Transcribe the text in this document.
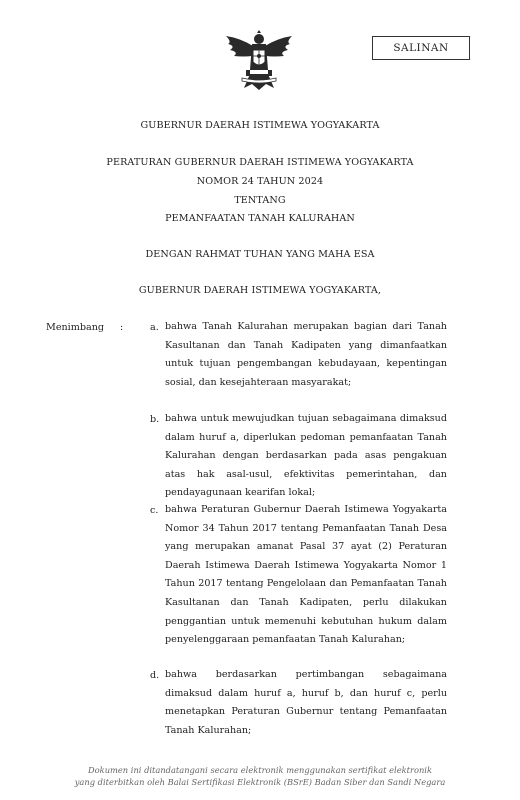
SALINAN
GUBERNUR DAERAH ISTIMEWA YOGYAKARTA
PERATURAN GUBERNUR DAERAH ISTIMEWA YOGYAKARTA
NOMOR 24 TAHUN 2024
TENTANG
PEMANFAATAN TANAH KALURAHAN
DENGAN RAHMAT TUHAN YANG MAHA ESA
GUBERNUR DAERAH ISTIMEWA YOGYAKARTA,
Menimbang :	a. bahwa Tanah Kalurahan merupakan bagian dari Tanah Kasultanan dan Tanah Kadipaten yang dimanfaatkan untuk tujuan pengembangan kebudayaan, kepentingan sosial, dan kesejahteraan masyarakat;
b. bahwa untuk mewujudkan tujuan sebagaimana dimaksud dalam huruf a, diperlukan pedoman pemanfaatan Tanah Kalurahan dengan berdasarkan pada asas pengakuan atas hak asal-usul, efektivitas pemerintahan, dan pendayagunaan kearifan lokal;
c. bahwa Peraturan Gubernur Daerah Istimewa Yogyakarta Nomor 34 Tahun 2017 tentang Pemanfaatan Tanah Desa yang merupakan amanat Pasal 37 ayat (2) Peraturan Daerah Istimewa Daerah Istimewa Yogyakarta Nomor 1 Tahun 2017 tentang Pengelolaan dan Pemanfaatan Tanah Kasultanan dan Tanah Kadipaten, perlu dilakukan penggantian untuk memenuhi kebutuhan hukum dalam penyelenggaraan pemanfaatan Tanah Kalurahan;
d. bahwa berdasarkan pertimbangan sebagaimana dimaksud dalam huruf a, huruf b, dan huruf c, perlu menetapkan Peraturan Gubernur tentang Pemanfaatan Tanah Kalurahan;
Dokumen ini ditandatangani secara elektronik menggunakan sertifikat elektronik
yang diterbitkan oleh Balai Sertifikasi Elektronik (BSrE) Badan Siber dan Sandi Negara
